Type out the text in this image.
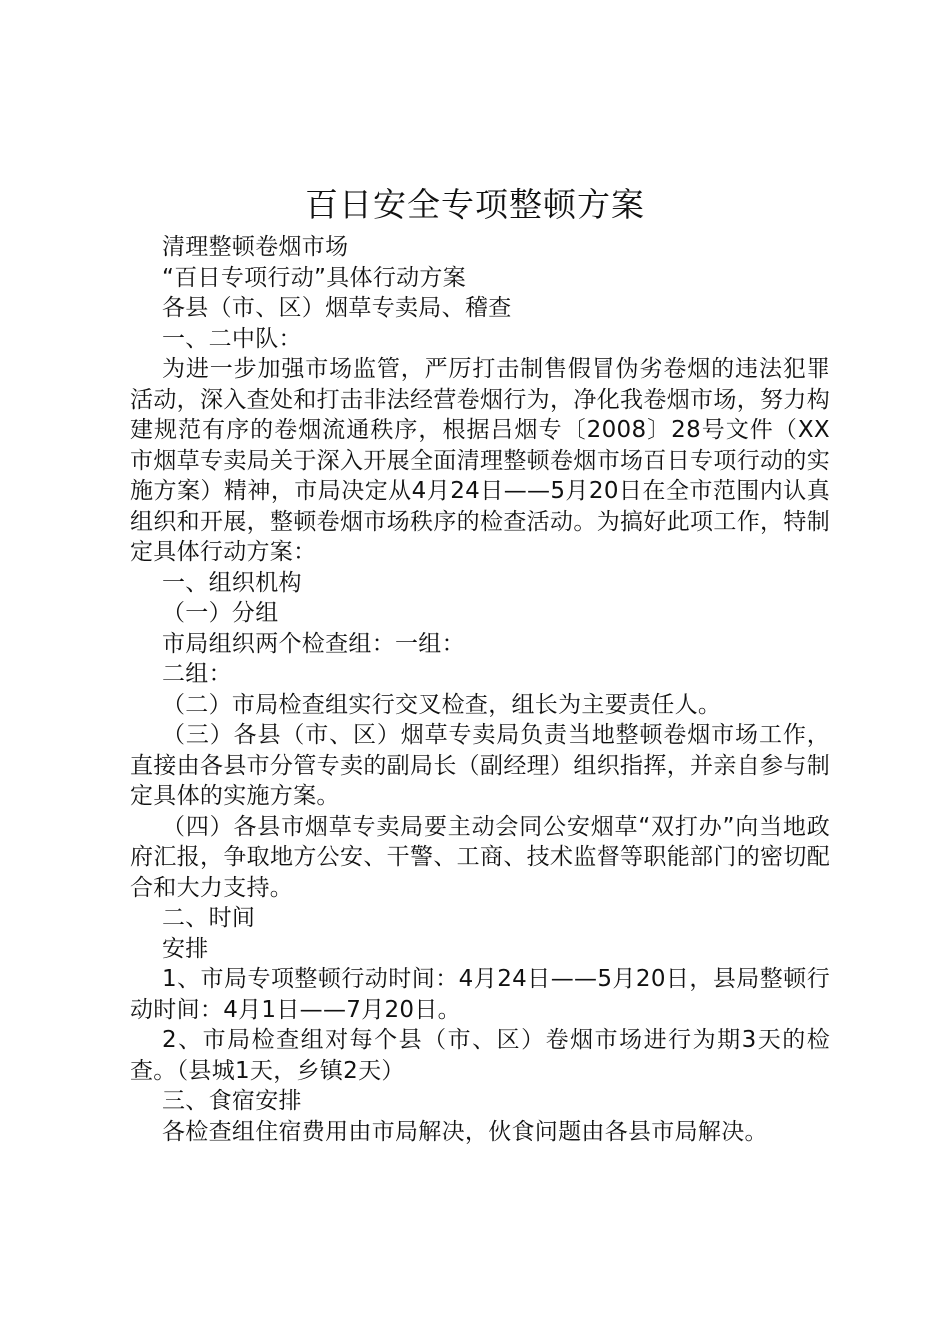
百日安全专项整顿方案

清理整顿卷烟市场

“百日专项行动”具体行动方案

各县（市、区）烟草专卖局、稽查

一、二中队：

为进一步加强市场监管，严厉打击制售假冒伪劣卷烟的违法犯罪活动，深入查处和打击非法经营卷烟行为，净化我卷烟市场，努力构建规范有序的卷烟流通秩序，根据吕烟专〔2008〕28号文件（XX市烟草专卖局关于深入开展全面清理整顿卷烟市场百日专项行动的实施方案）精神，市局决定从4月24日——5月20日在全市范围内认真组织和开展，整顿卷烟市场秩序的检查活动。为搞好此项工作，特制定具体行动方案：

一、组织机构

（一）分组

市局组织两个检查组：一组：

二组：

（二）市局检查组实行交叉检查，组长为主要责任人。

（三）各县（市、区）烟草专卖局负责当地整顿卷烟市场工作，直接由各县市分管专卖的副局长（副经理）组织指挥，并亲自参与制定具体的实施方案。

（四）各县市烟草专卖局要主动会同公安烟草“双打办”向当地政府汇报，争取地方公安、干警、工商、技术监督等职能部门的密切配合和大力支持。

二、时间

安排

1、市局专项整顿行动时间：4月24日——5月20日，县局整顿行动时间：4月1日——7月20日。

2、市局检查组对每个县（市、区）卷烟市场进行为期3天的检查。（县城1天，乡镇2天）

三、食宿安排

各检查组住宿费用由市局解决，伙食问题由各县市局解决。
